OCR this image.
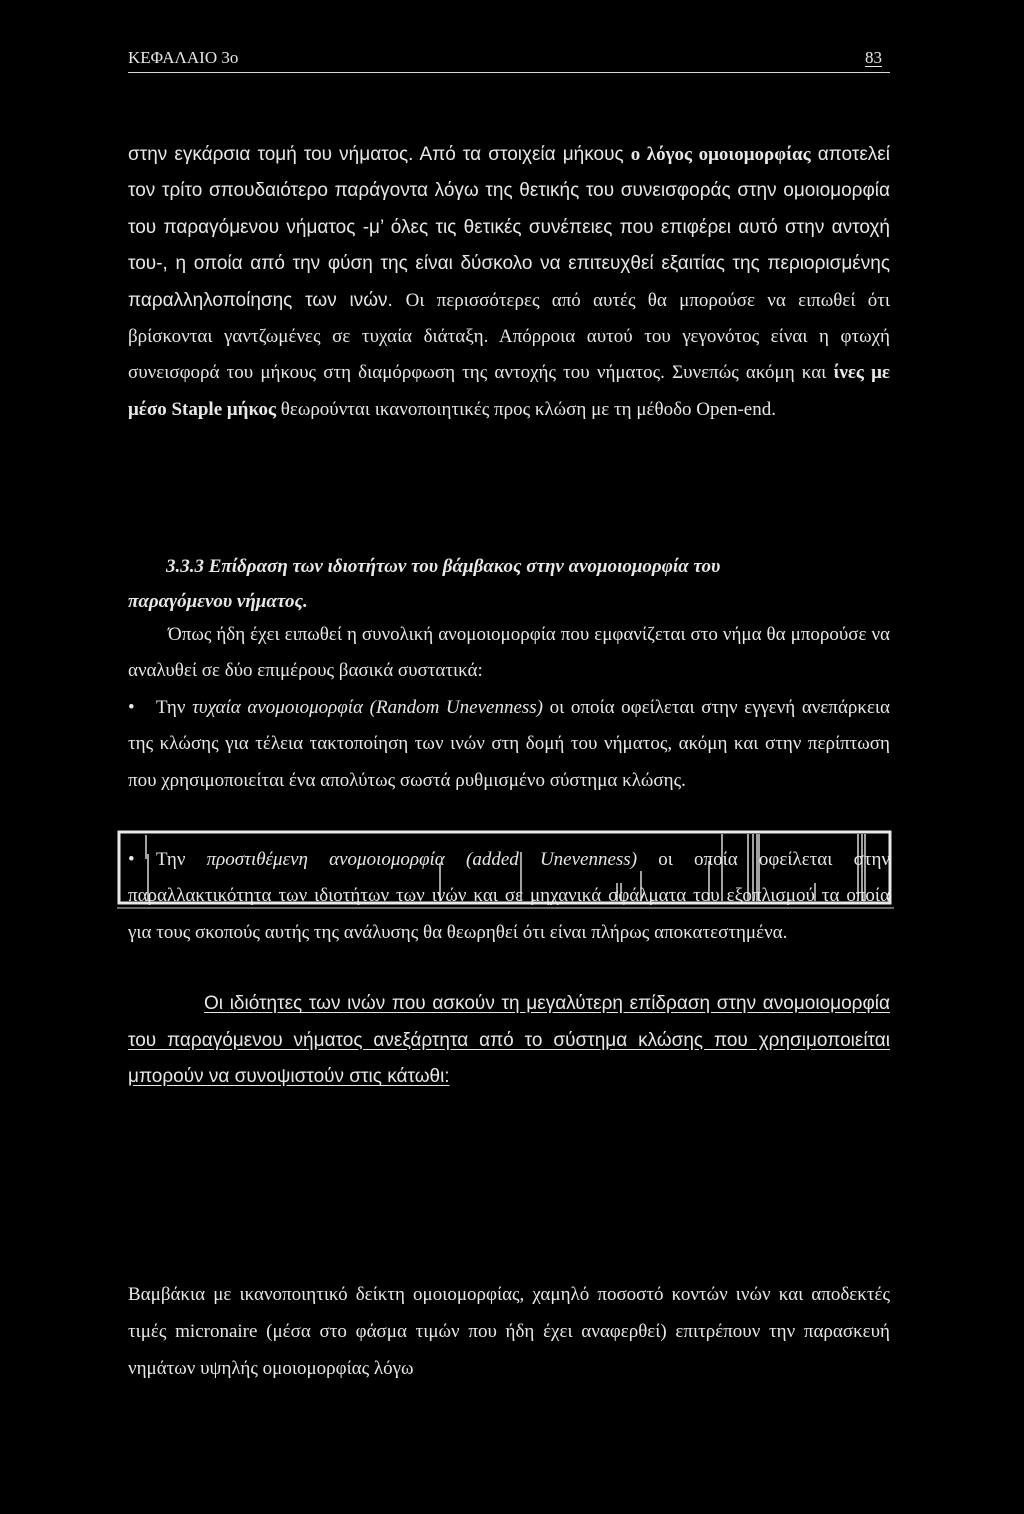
ΚΕΦΑΛΑΙΟ 3ο	83

στην εγκάρσια τομή του νήματος. Από τα στοιχεία μήκους ο λόγος ομοιομορφίας αποτελεί τον τρίτο σπουδαιότερο παράγοντα λόγω της θετικής του συνεισφοράς στην ομοιομορφία του παραγόμενου νήματος -μ’ όλες τις θετικές συνέπειες που επιφέρει αυτό στην αντοχή του-, η οποία από την φύση της είναι δύσκολο να επιτευχθεί εξαιτίας της περιορισμένης παραλληλοποίησης των ινών. Οι περισσότερες από αυτές θα μπορούσε να ειπωθεί ότι βρίσκονται γαντζωμένες σε τυχαία διάταξη. Απόρροια αυτού του γεγονότος είναι η φτωχή συνεισφορά του μήκους στη διαμόρφωση της αντοχής του νήματος. Συνεπώς ακόμη και ίνες με μέσο Staple μήκος θεωρούνται ικανοποιητικές προς κλώση με τη μέθοδο Open-end.

3.3.3 Επίδραση των ιδιοτήτων του βάμβακος στην ανομοιομορφία του
παραγόμενου νήματος.

Όπως ήδη έχει ειπωθεί η συνολική ανομοιομορφία που εμφανίζεται στο νήμα θα μπορούσε να αναλυθεί σε δύο επιμέρους βασικά συστατικά:

• Την τυχαία ανομοιομορφία (Random Unevenness) οι οποία οφείλεται στην εγγενή ανεπάρκεια της κλώσης για τέλεια τακτοποίηση των ινών στη δομή του νήματος, ακόμη και στην περίπτωση που χρησιμοποιείται ένα απολύτως σωστά ρυθμισμένο σύστημα κλώσης.

• Την προστιθέμενη ανομοιομορφία (added Unevenness) οι οποία οφείλεται στην παραλλακτικότητα των ιδιοτήτων των ινών και σε μηχανικά σφάλματα του εξοπλισμού τα οποία για τους σκοπούς αυτής της ανάλυσης θα θεωρηθεί ότι είναι πλήρως αποκατεστημένα.

Οι ιδιότητες των ινών που ασκούν τη μεγαλύτερη επίδραση στην ανομοιομορφία του παραγόμενου νήματος ανεξάρτητα από το σύστημα κλώσης που χρησιμοποιείται μπορούν να συνοψιστούν στις κάτωθι:

Βαμβάκια με ικανοποιητικό δείκτη ομοιομορφίας, χαμηλό ποσοστό κοντών ινών και αποδεκτές τιμές micronaire (μέσα στο φάσμα τιμών που ήδη έχει αναφερθεί) επιτρέπουν την παρασκευή νημάτων υψηλής ομοιομορφίας λόγω
